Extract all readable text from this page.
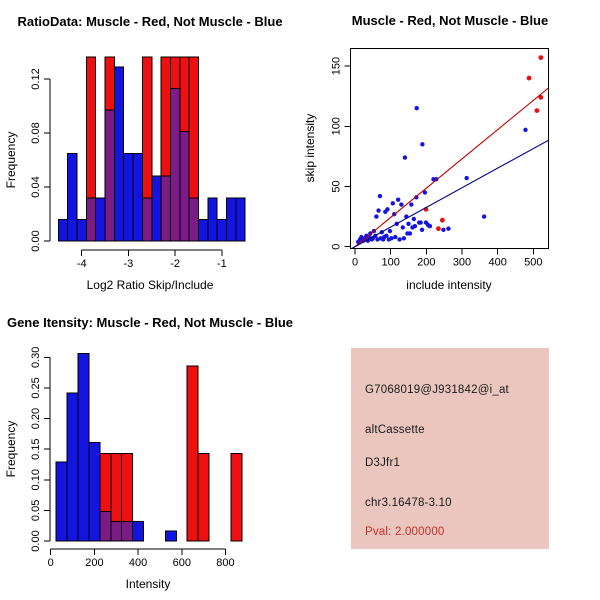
RatioData: Muscle - Red, Not Muscle - Blue
0.00
0.04
0.08
0.12
-4	-3	-2	-1
Log2 Ratio Skip/Include
Frequency
Muscle - Red, Not Muscle - Blue
0
50
100
150
0 100 200 300 400 500
include intensity
skip intensity
Gene Itensity: Muscle - Red, Not Muscle - Blue
0.00
0.05
0.10
0.15
0.20
0.25
0.30
0	200 400 600 800
Intensity
Frequency
G7068019@J931842@i_at
altCassette
D3Jfr1
chr3.16478-3.10
Pval: 2.000000
